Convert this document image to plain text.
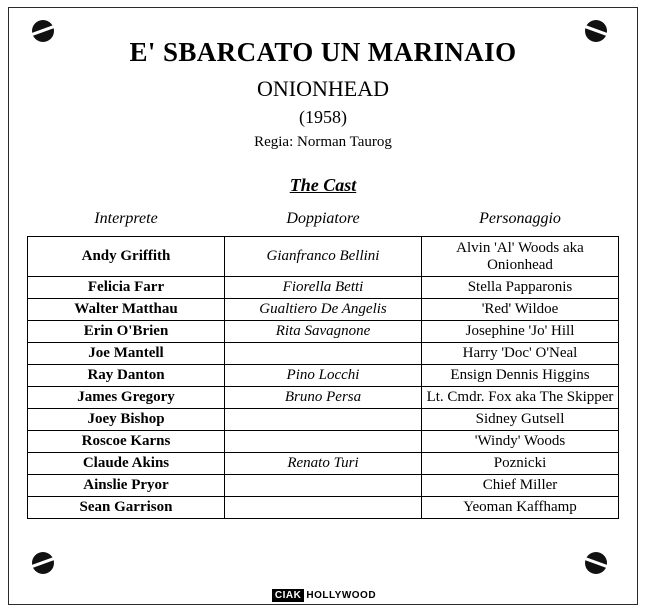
E' SBARCATO UN MARINAIO
ONIONHEAD
(1958)
Regia: Norman Taurog
The Cast
Interprete	Doppiatore	Personaggio
Andy Griffith	Gianfranco Bellini	Alvin 'Al' Woods aka Onionhead
Felicia Farr	Fiorella Betti	Stella Papparonis
Walter Matthau	Gualtiero De Angelis	'Red' Wildoe
Erin O'Brien	Rita Savagnone	Josephine 'Jo' Hill
Joe Mantell		Harry 'Doc' O'Neal
Ray Danton	Pino Locchi	Ensign Dennis Higgins
James Gregory	Bruno Persa	Lt. Cmdr. Fox aka The Skipper
Joey Bishop		Sidney Gutsell
Roscoe Karns		'Windy' Woods
Claude Akins	Renato Turi	Poznicki
Ainslie Pryor		Chief Miller
Sean Garrison		Yeoman Kaffhamp
CIAK HOLLYWOOD
